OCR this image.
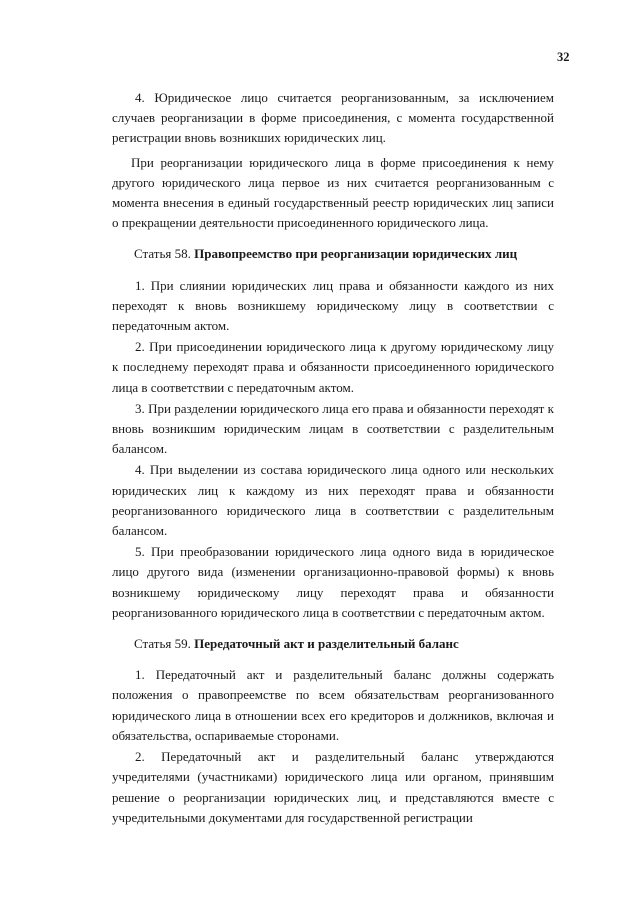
32

4. Юридическое лицо считается реорганизованным, за исключением случаев реорганизации в форме присоединения, с момента государственной регистрации вновь возникших юридических лиц.

При реорганизации юридического лица в форме присоединения к нему другого юридического лица первое из них считается реорганизованным с момента внесения в единый государственный реестр юридических лиц записи о прекращении деятельности присоединенного юридического лица.

Статья 58. Правопреемство при реорганизации юридических лиц

1. При слиянии юридических лиц права и обязанности каждого из них переходят к вновь возникшему юридическому лицу в соответствии с передаточным актом.

2. При присоединении юридического лица к другому юридическому лицу к последнему переходят права и обязанности присоединенного юридического лица в соответствии с передаточным актом.

3. При разделении юридического лица его права и обязанности переходят к вновь возникшим юридическим лицам в соответствии с разделительным балансом.

4. При выделении из состава юридического лица одного или нескольких юридических лиц к каждому из них переходят права и обязанности реорганизованного юридического лица в соответствии с разделительным балансом.

5. При преобразовании юридического лица одного вида в юридическое лицо другого вида (изменении организационно-правовой формы) к вновь возникшему юридическому лицу переходят права и обязанности реорганизованного юридического лица в соответствии с передаточным актом.

Статья 59. Передаточный акт и разделительный баланс

1. Передаточный акт и разделительный баланс должны содержать положения о правопреемстве по всем обязательствам реорганизованного юридического лица в отношении всех его кредиторов и должников, включая и обязательства, оспариваемые сторонами.

2. Передаточный акт и разделительный баланс утверждаются учредителями (участниками) юридического лица или органом, принявшим решение о реорганизации юридических лиц, и представляются вместе с учредительными документами для государственной регистрации
